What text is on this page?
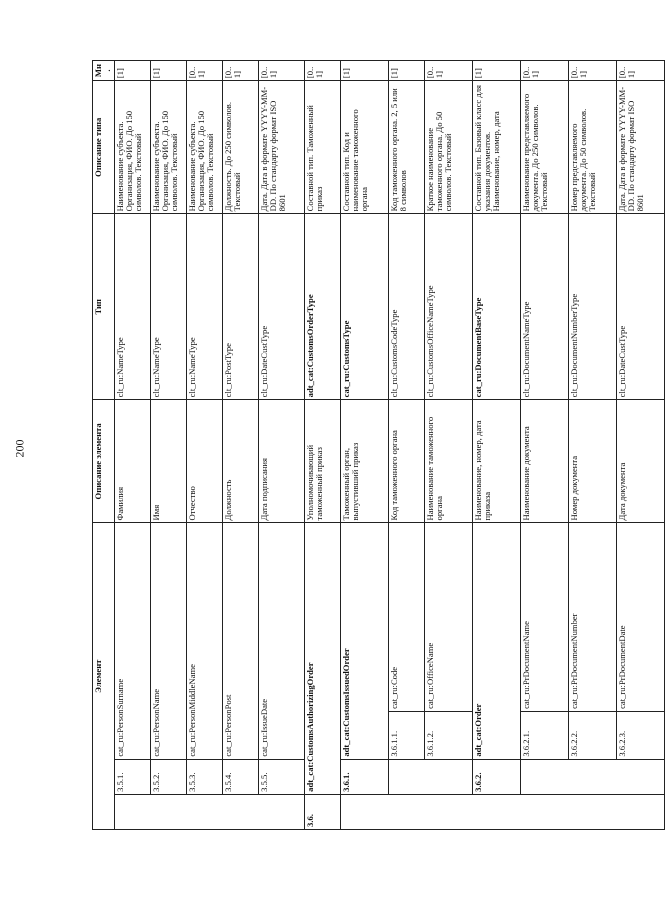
200
Элемент				Описание элемента	Тип	Описание типа	Мн.
	3.5.1.	cat_ru:PersonSurname		Фамилия	clt_ru:NameType	Наименование субъекта. Организация, ФИО. До 150 символов. Текстовый	[1]
	3.5.2.	cat_ru:PersonName		Имя	clt_ru:NameType	Наименование субъекта. Организация, ФИО. До 150 символов. Текстовый	[1]
	3.5.3.	cat_ru:PersonMiddleName		Отчество	clt_ru:NameType	Наименование субъекта. Организация, ФИО. До 150 символов. Текстовый	[0..1]
	3.5.4.	cat_ru:PersonPost		Должность	clt_ru:PostType	Должность. До 250 символов. Текстовый	[0..1]
	3.5.5.	cat_ru:IssueDate		Дата подписания	clt_ru:DateCustType	Дата. Дата в формате YYYY-MM-DD. По стандарту формат ISO 8601	[0..1]
3.6.	adt_cat:CustomsAuthorizingOrder			Уполномочивающий таможенный приказ	adt_cat:CustomsOrderType	Составной тип. Таможенный приказ	[0..1]
	3.6.1.	adt_cat:CustomsIssuedOrder		Таможенный орган, выпустивший приказ	cat_ru:CustomsType	Составной тип. Код и наименование таможенного органа	[1]
		3.6.1.1.	cat_ru:Code	Код таможенного органа	clt_ru:CustomsCodeType	Код таможенного органа. 2, 5 или 8 символов	[1]
		3.6.1.2.	cat_ru:OfficeName	Наименование таможенного органа	clt_ru:CustomsOfficeNameType	Краткое наименование таможенного органа. До 50 символов. Текстовый	[0..1]
	3.6.2.	adt_cat:Order		Наименование, номер, дата приказа	cat_ru:DocumentBaseType	Составной тип. Базовый класс для указания документов. Наименование, номер, дата	[1]
		3.6.2.1.	cat_ru:PrDocumentName	Наименование документа	clt_ru:DocumentNameType	Наименование представляемого документа. До 250 символов. Текстовый	[0..1]
		3.6.2.2.	cat_ru:PrDocumentNumber	Номер документа	clt_ru:DocumentNumberType	Номер представляемого документа. До 50 символов. Текстовый	[0..1]
		3.6.2.3.	cat_ru:PrDocumentDate	Дата документа	clt_ru:DateCustType	Дата. Дата в формате YYYY-MM-DD. По стандарту формат ISO 8601	[0..1]
